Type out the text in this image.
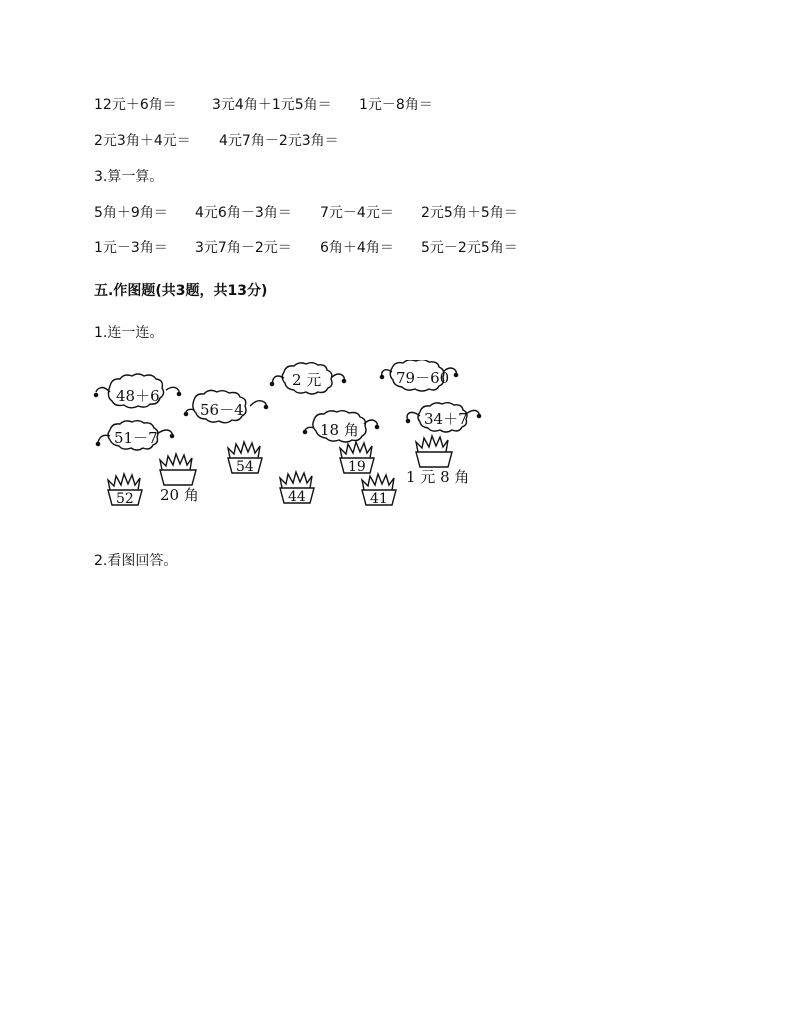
12元＋6角＝	3元4角＋1元5角＝ 1元－8角＝
2元3角＋4元＝ 4元7角－2元3角＝
3.算一算。
5角＋9角＝ 4元6角－3角＝ 7元－4元＝ 2元5角＋5角＝
1元－3角＝ 3元7角－2元＝ 6角＋4角＝ 5元－2元5角＝
五.作图题(共3题，共13分)
1.连一连。
48＋6
56－4
2 元	79－60
18 角
34＋7
51－7
54	19
52	44	41
20 角
1 元 8 角
2.看图回答。
